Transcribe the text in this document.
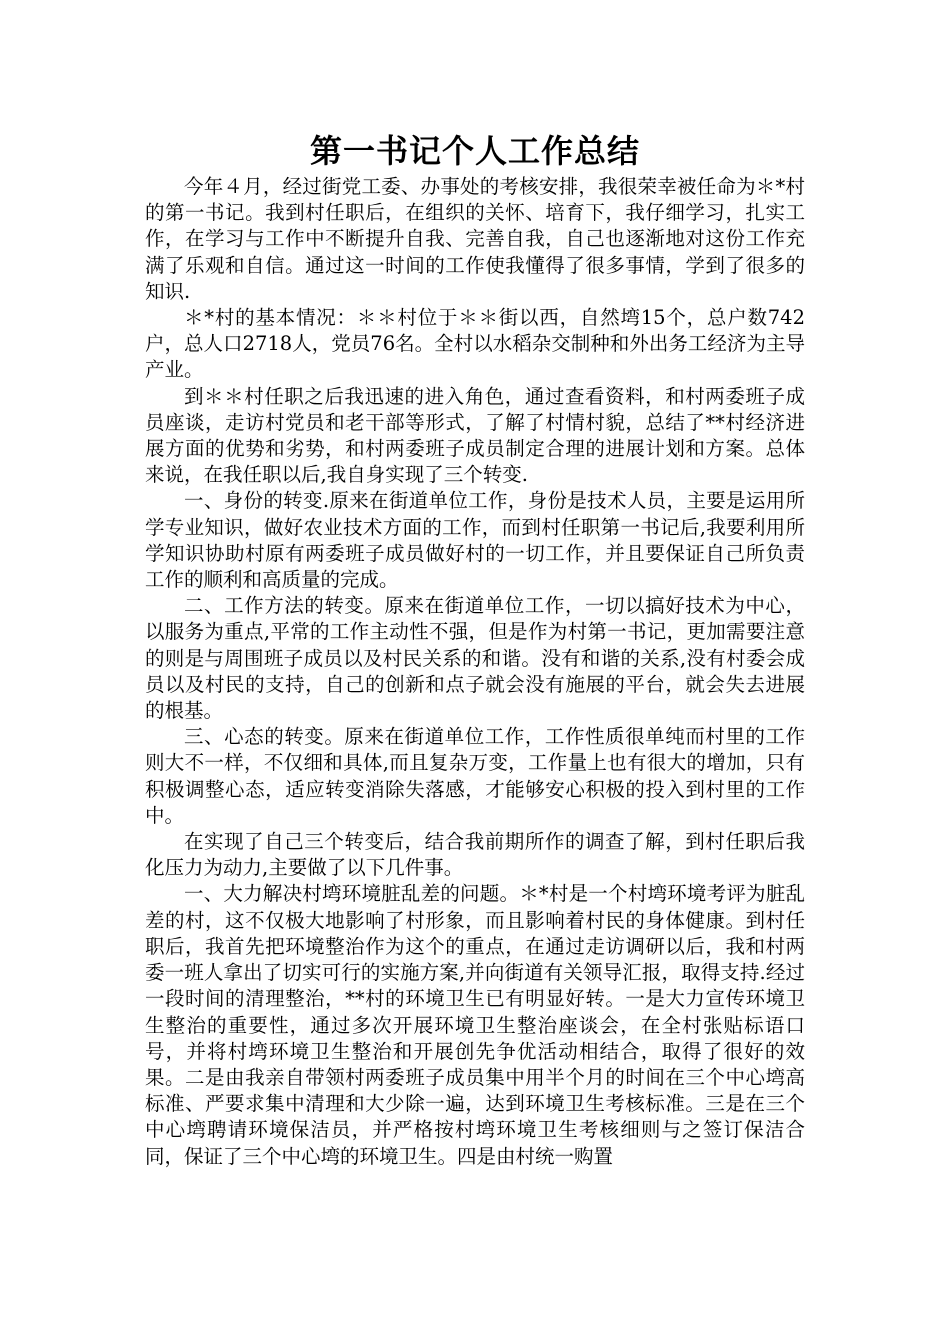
第一书记个人工作总结

今年４月，经过街党工委、办事处的考核安排，我很荣幸被任命为＊*村的第一书记。我到村任职后，在组织的关怀、培育下，我仔细学习，扎实工作，在学习与工作中不断提升自我、完善自我，自己也逐渐地对这份工作充满了乐观和自信。通过这一时间的工作使我懂得了很多事情，学到了很多的知识.

＊*村的基本情况：＊＊村位于＊＊街以西，自然塆15个，总户数742户，总人口2718人，党员76名。全村以水稻杂交制种和外出务工经济为主导产业。

到＊＊村任职之后我迅速的进入角色，通过查看资料，和村两委班子成员座谈，走访村党员和老干部等形式，了解了村情村貌，总结了**村经济进展方面的优势和劣势，和村两委班子成员制定合理的进展计划和方案。总体来说，在我任职以后,我自身实现了三个转变.

一、身份的转变.原来在街道单位工作，身份是技术人员，主要是运用所学专业知识，做好农业技术方面的工作，而到村任职第一书记后,我要利用所学知识协助村原有两委班子成员做好村的一切工作，并且要保证自己所负责工作的顺利和高质量的完成。

二、工作方法的转变。原来在街道单位工作，一切以搞好技术为中心，以服务为重点,平常的工作主动性不强，但是作为村第一书记，更加需要注意的则是与周围班子成员以及村民关系的和谐。没有和谐的关系,没有村委会成员以及村民的支持，自己的创新和点子就会没有施展的平台，就会失去进展的根基。

三、心态的转变。原来在街道单位工作，工作性质很单纯而村里的工作则大不一样，不仅细和具体,而且复杂万变，工作量上也有很大的增加，只有积极调整心态，适应转变消除失落感，才能够安心积极的投入到村里的工作中。

在实现了自己三个转变后，结合我前期所作的调查了解，到村任职后我化压力为动力,主要做了以下几件事。

一、大力解决村塆环境脏乱差的问题。＊*村是一个村塆环境考评为脏乱差的村，这不仅极大地影响了村形象，而且影响着村民的身体健康。到村任职后，我首先把环境整治作为这个的重点，在通过走访调研以后，我和村两委一班人拿出了切实可行的实施方案,并向街道有关领导汇报，取得支持.经过一段时间的清理整治，**村的环境卫生已有明显好转。一是大力宣传环境卫生整治的重要性，通过多次开展环境卫生整治座谈会，在全村张贴标语口号，并将村塆环境卫生整治和开展创先争优活动相结合，取得了很好的效果。二是由我亲自带领村两委班子成员集中用半个月的时间在三个中心塆高标准、严要求集中清理和大少除一遍，达到环境卫生考核标准。三是在三个中心塆聘请环境保洁员，并严格按村塆环境卫生考核细则与之签订保洁合同，保证了三个中心塆的环境卫生。四是由村统一购置
